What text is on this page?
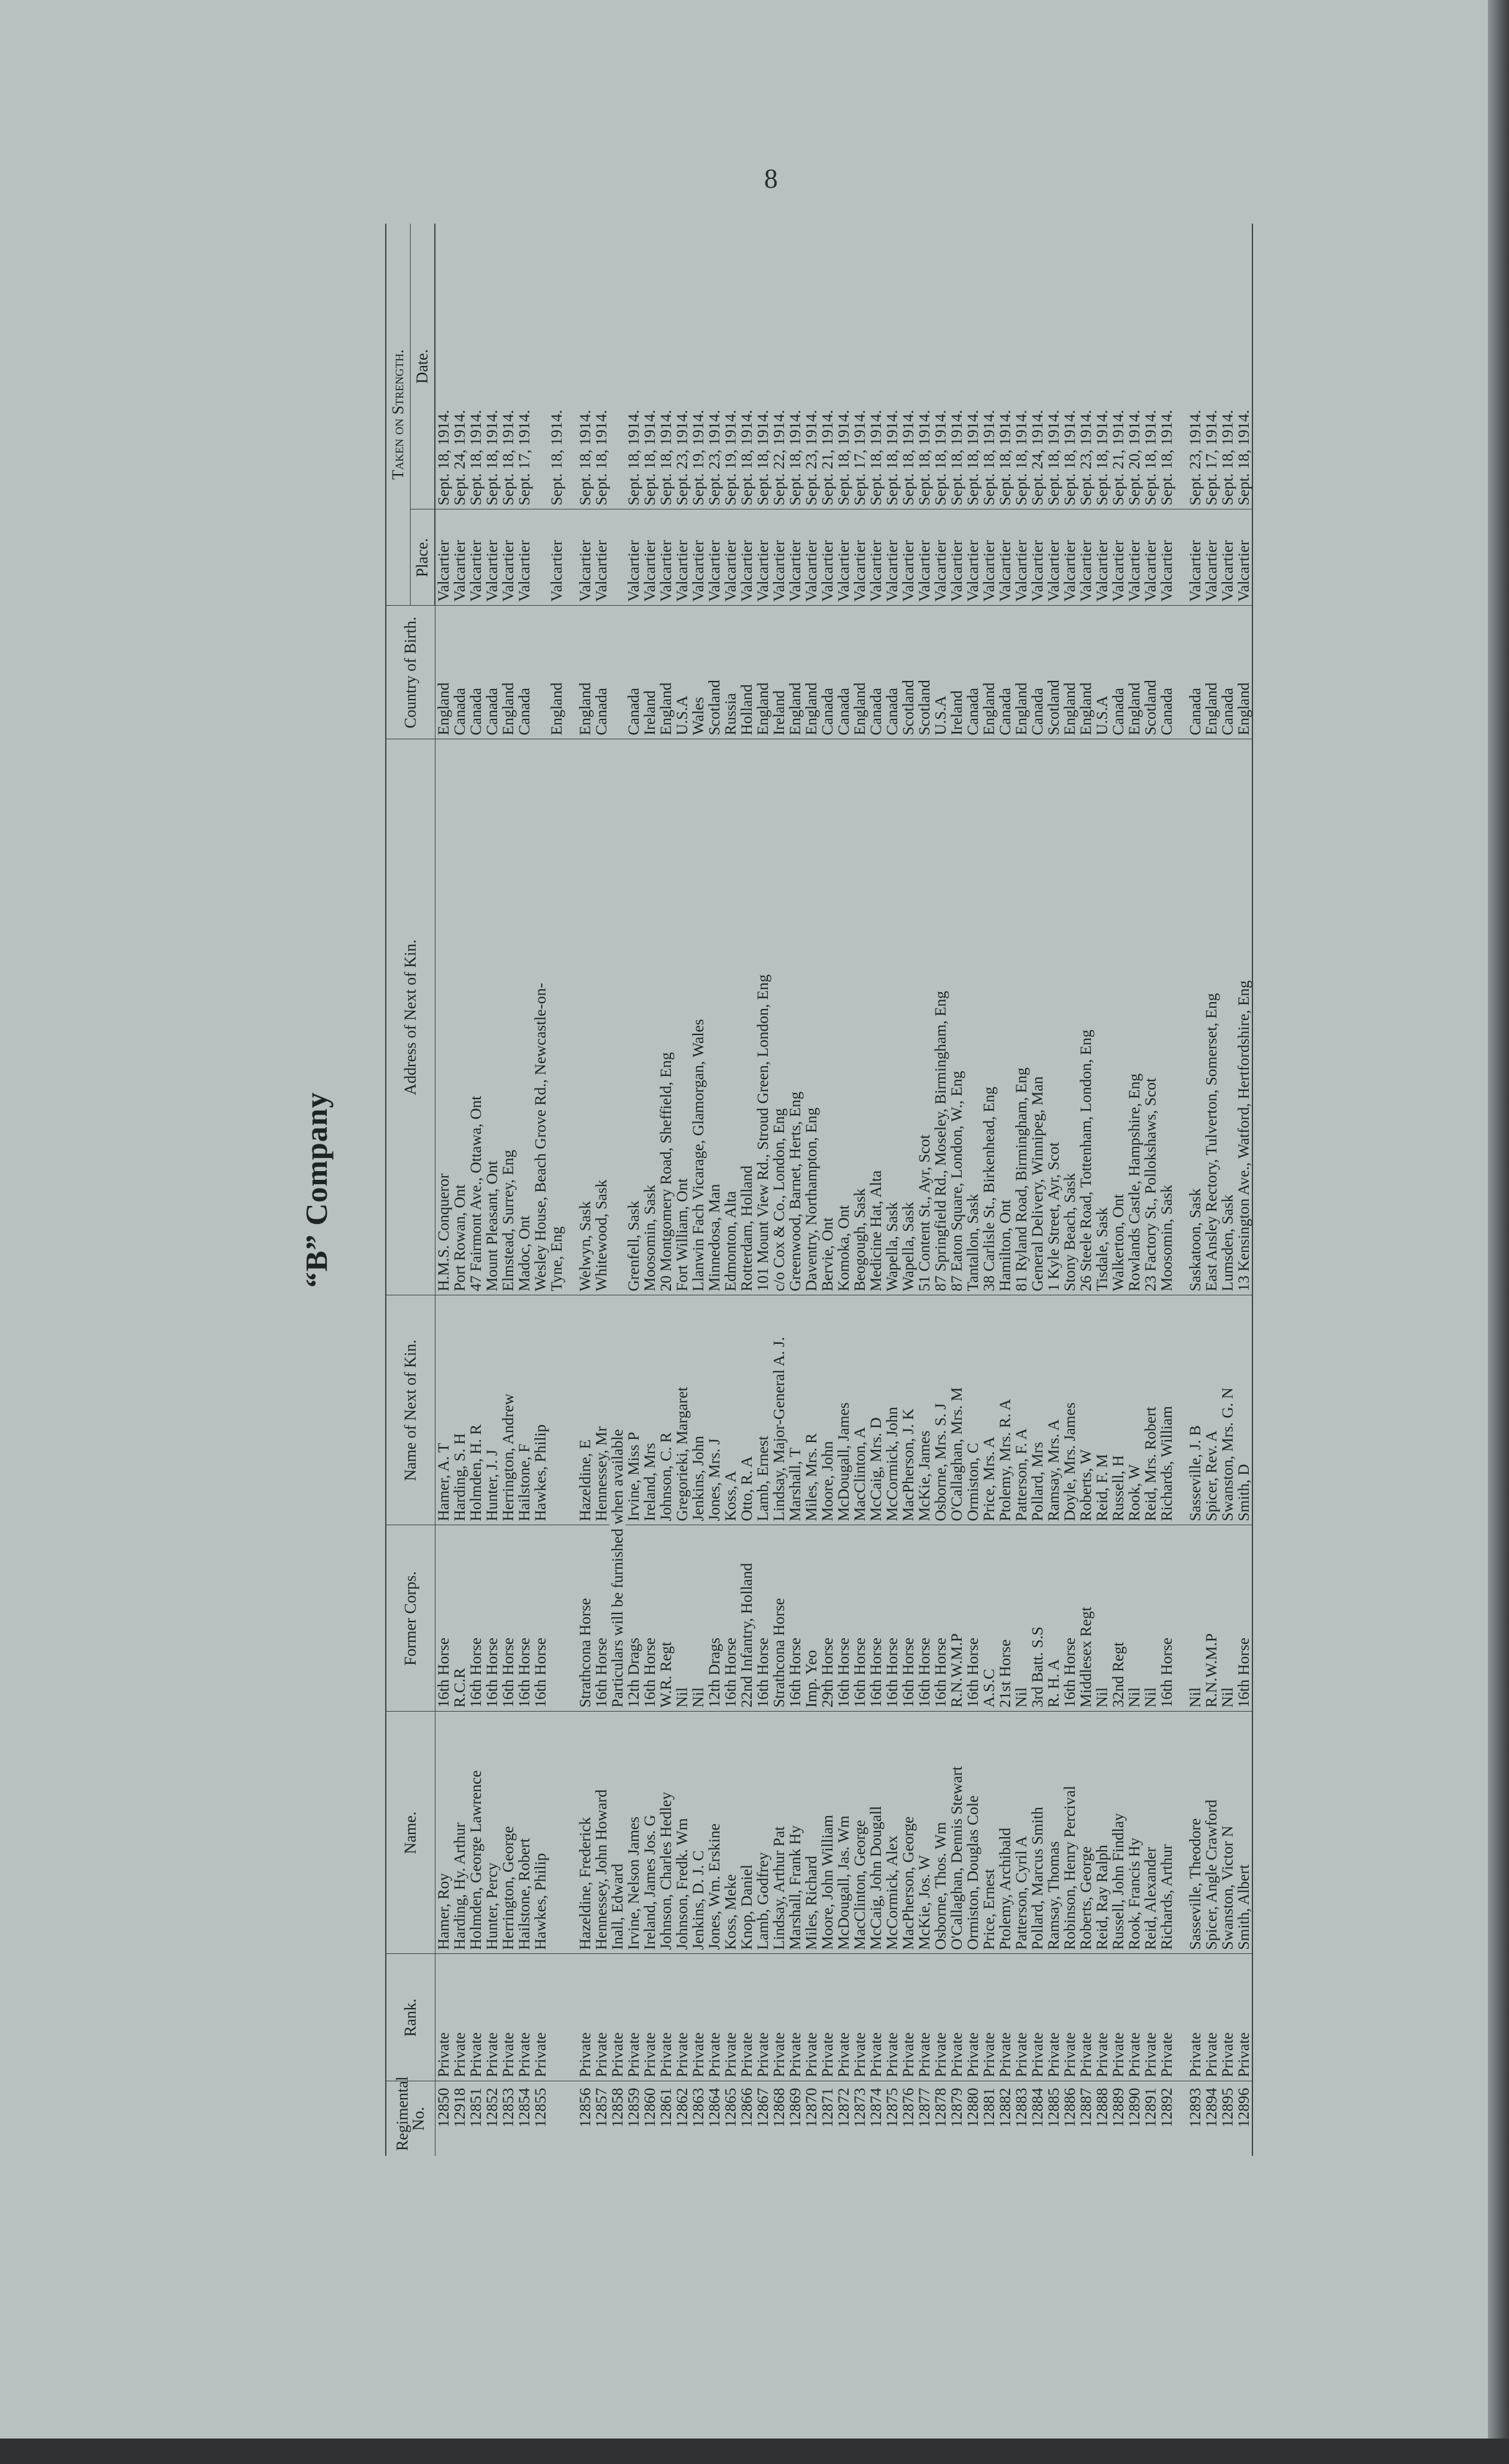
8
“B” Company
Regimental No.	Rank.	Name.	Former Corps.	Name of Next of Kin.	Address of Next of Kin.	Country of Birth.	Taken on Strength.	
							Place.	Date.
12850	Private	Hamer, Roy	16th Horse	Hamer, A. T	H.M.S. Conqueror	England	Valcartier	Sept. 18, 1914.
12918	Private	Harding, Hy. Arthur	R.C.R	Harding, S. H	Port Rowan, Ont	Canada	Valcartier	Sept. 24, 1914.
12851	Private	Holmden, George Lawrence	16th Horse	Holmden, H. R	47 Fairmont Ave., Ottawa, Ont	Canada	Valcartier	Sept. 18, 1914.
12852	Private	Hunter, Percy	16th Horse	Hunter, J. J	Mount Pleasant, Ont	Canada	Valcartier	Sept. 18, 1914.
12853	Private	Herrington, George	16th Horse	Herrington, Andrew	Elmstead, Surrey, Eng	England	Valcartier	Sept. 18, 1914.
12854	Private	Hailstone, Robert	16th Horse	Hailstone, F	Madoc, Ont	Canada	Valcartier	Sept. 17, 1914.
12855	Private	Hawkes, Philip	16th Horse	Hawkes, Philip	Wesley House, Beach Grove Rd., Newcastle-on-			
					Tyne, Eng	England	Valcartier	Sept. 18, 1914.

12856	Private	Hazeldine, Frederick	Strathcona Horse	Hazeldine, E	Welwyn, Sask	England	Valcartier	Sept. 18, 1914.
12857	Private	Hennessey, John Howard	16th Horse	Hennessey, Mr	Whitewood, Sask	Canada	Valcartier	Sept. 18, 1914.
12858	Private	Inall, Edward	Particulars will be furnished when available					
12859	Private	Irvine, Nelson James	12th Drags	Irvine, Miss P	Grenfell, Sask	Canada	Valcartier	Sept. 18, 1914.
12860	Private	Ireland, James Jos. G	16th Horse	Ireland, Mrs	Moosomin, Sask	Ireland	Valcartier	Sept. 18, 1914.
12861	Private	Johnson, Charles Hedley	W.R. Regt	Johnson, C. R	20 Montgomery Road, Sheffield, Eng	England	Valcartier	Sept. 18, 1914.
12862	Private	Johnson, Fredk. Wm	Nil	Gregorieki, Margaret	Fort William, Ont	U.S.A	Valcartier	Sept. 23, 1914.
12863	Private	Jenkins, D. J. C	Nil	Jenkins, John	Llanwin Fach Vicarage, Glamorgan, Wales	Wales	Valcartier	Sept. 19, 1914.
12864	Private	Jones, Wm. Erskine	12th Drags	Jones, Mrs. J	Minnedosa, Man	Scotland	Valcartier	Sept. 23, 1914.
12865	Private	Koss, Meke	16th Horse	Koss, A	Edmonton, Alta	Russia	Valcartier	Sept. 19, 1914.
12866	Private	Knop, Daniel	22nd Infantry, Holland	Otto, R. A	Rotterdam, Holland	Holland	Valcartier	Sept. 18, 1914.
12867	Private	Lamb, Godfrey	16th Horse	Lamb, Ernest	101 Mount View Rd., Stroud Green, London, Eng	England	Valcartier	Sept. 18, 1914.
12868	Private	Lindsay, Arthur Pat	Strathcona Horse	Lindsay, Major-General A. J.	c/o Cox & Co., London, Eng	Ireland	Valcartier	Sept. 22, 1914.
12869	Private	Marshall, Frank Hy	16th Horse	Marshall, T	Greenwood, Barnet, Herts, Eng	England	Valcartier	Sept. 18, 1914.
12870	Private	Miles, Richard	Imp. Yeo	Miles, Mrs. R	Daventry, Northampton, Eng	England	Valcartier	Sept. 23, 1914.
12871	Private	Moore, John William	29th Horse	Moore, John	Bervie, Ont	Canada	Valcartier	Sept. 21, 1914.
12872	Private	McDougall, Jas. Wm	16th Horse	McDougall, James	Komoka, Ont	Canada	Valcartier	Sept. 18, 1914.
12873	Private	MacClinton, George	16th Horse	MacClinton, A	Beogough, Sask	England	Valcartier	Sept. 17, 1914.
12874	Private	McCaig, John Dougall	16th Horse	McCaig, Mrs. D	Medicine Hat, Alta	Canada	Valcartier	Sept. 18, 1914.
12875	Private	McCormick, Alex	16th Horse	McCormick, John	Wapella, Sask	Canada	Valcartier	Sept. 18, 1914.
12876	Private	MacPherson, George	16th Horse	MacPherson, J. K	Wapella, Sask	Scotland	Valcartier	Sept. 18, 1914.
12877	Private	McKie, Jos. W	16th Horse	McKie, James	51 Content St., Ayr, Scot	Scotland	Valcartier	Sept. 18, 1914.
12878	Private	Osborne, Thos. Wm	16th Horse	Osborne, Mrs. S. J	87 Springfield Rd., Moseley, Birmingham, Eng	U.S.A	Valcartier	Sept. 18, 1914.
12879	Private	O'Callaghan, Dennis Stewart	R.N.W.M.P	O'Callaghan, Mrs. M	87 Eaton Square, London, W., Eng	Ireland	Valcartier	Sept. 18, 1914.
12880	Private	Ormiston, Douglas Cole	16th Horse	Ormiston, C	Tantallon, Sask	Canada	Valcartier	Sept. 18, 1914.
12881	Private	Price, Ernest	A.S.C	Price, Mrs. A	38 Carlisle St., Birkenhead, Eng	England	Valcartier	Sept. 18, 1914.
12882	Private	Ptolemy, Archibald	21st Horse	Ptolemy, Mrs. R. A	Hamilton, Ont	Canada	Valcartier	Sept. 18, 1914.
12883	Private	Patterson, Cyril A	Nil	Patterson, F. A	81 Ryland Road, Birmingham, Eng	England	Valcartier	Sept. 18, 1914.
12884	Private	Pollard, Marcus Smith	3rd Batt. S.S	Pollard, Mrs	General Delivery, Winnipeg, Man	Canada	Valcartier	Sept. 24, 1914.
12885	Private	Ramsay, Thomas	R. H. A	Ramsay, Mrs. A	1 Kyle Street, Ayr, Scot	Scotland	Valcartier	Sept. 18, 1914.
12886	Private	Robinson, Henry Percival	16th Horse	Doyle, Mrs. James	Stony Beach, Sask	England	Valcartier	Sept. 18, 1914.
12887	Private	Roberts, George	Middlesex Regt	Roberts, W	26 Steele Road, Tottenham, London, Eng	England	Valcartier	Sept. 23, 1914.
12888	Private	Reid, Ray Ralph	Nil	Reid, F. M	Tisdale, Sask	U.S.A	Valcartier	Sept. 18, 1914.
12889	Private	Russell, John Findlay	32nd Regt	Russell, H	Walkerton, Ont	Canada	Valcartier	Sept. 21, 1914.
12890	Private	Rook, Francis Hy	Nil	Rook, W	Rowlands Castle, Hampshire, Eng	England	Valcartier	Sept. 20, 1914.
12891	Private	Reid, Alexander	Nil	Reid, Mrs. Robert	23 Factory St., Pollokshaws, Scot	Scotland	Valcartier	Sept. 18, 1914.
12892	Private	Richards, Arthur	16th Horse	Richards, William	Moosomin, Sask	Canada	Valcartier	Sept. 18, 1914.

12893	Private	Sasseville, Theodore	Nil	Sasseville, J. B	Saskatoon, Sask	Canada	Valcartier	Sept. 23, 1914.
12894	Private	Spicer, Angle Crawford	R.N.W.M.P	Spicer, Rev. A	East Ansley Rectory, Tulverton, Somerset, Eng	England	Valcartier	Sept. 17, 1914.
12895	Private	Swanston, Victor N	Nil	Swanston, Mrs. G. N	Lumsden, Sask	Canada	Valcartier	Sept. 18, 1914.
12896	Private	Smith, Albert	16th Horse	Smith, D	13 Kensington Ave., Watford, Hertfordshire, Eng	England	Valcartier	Sept. 18, 1914.
